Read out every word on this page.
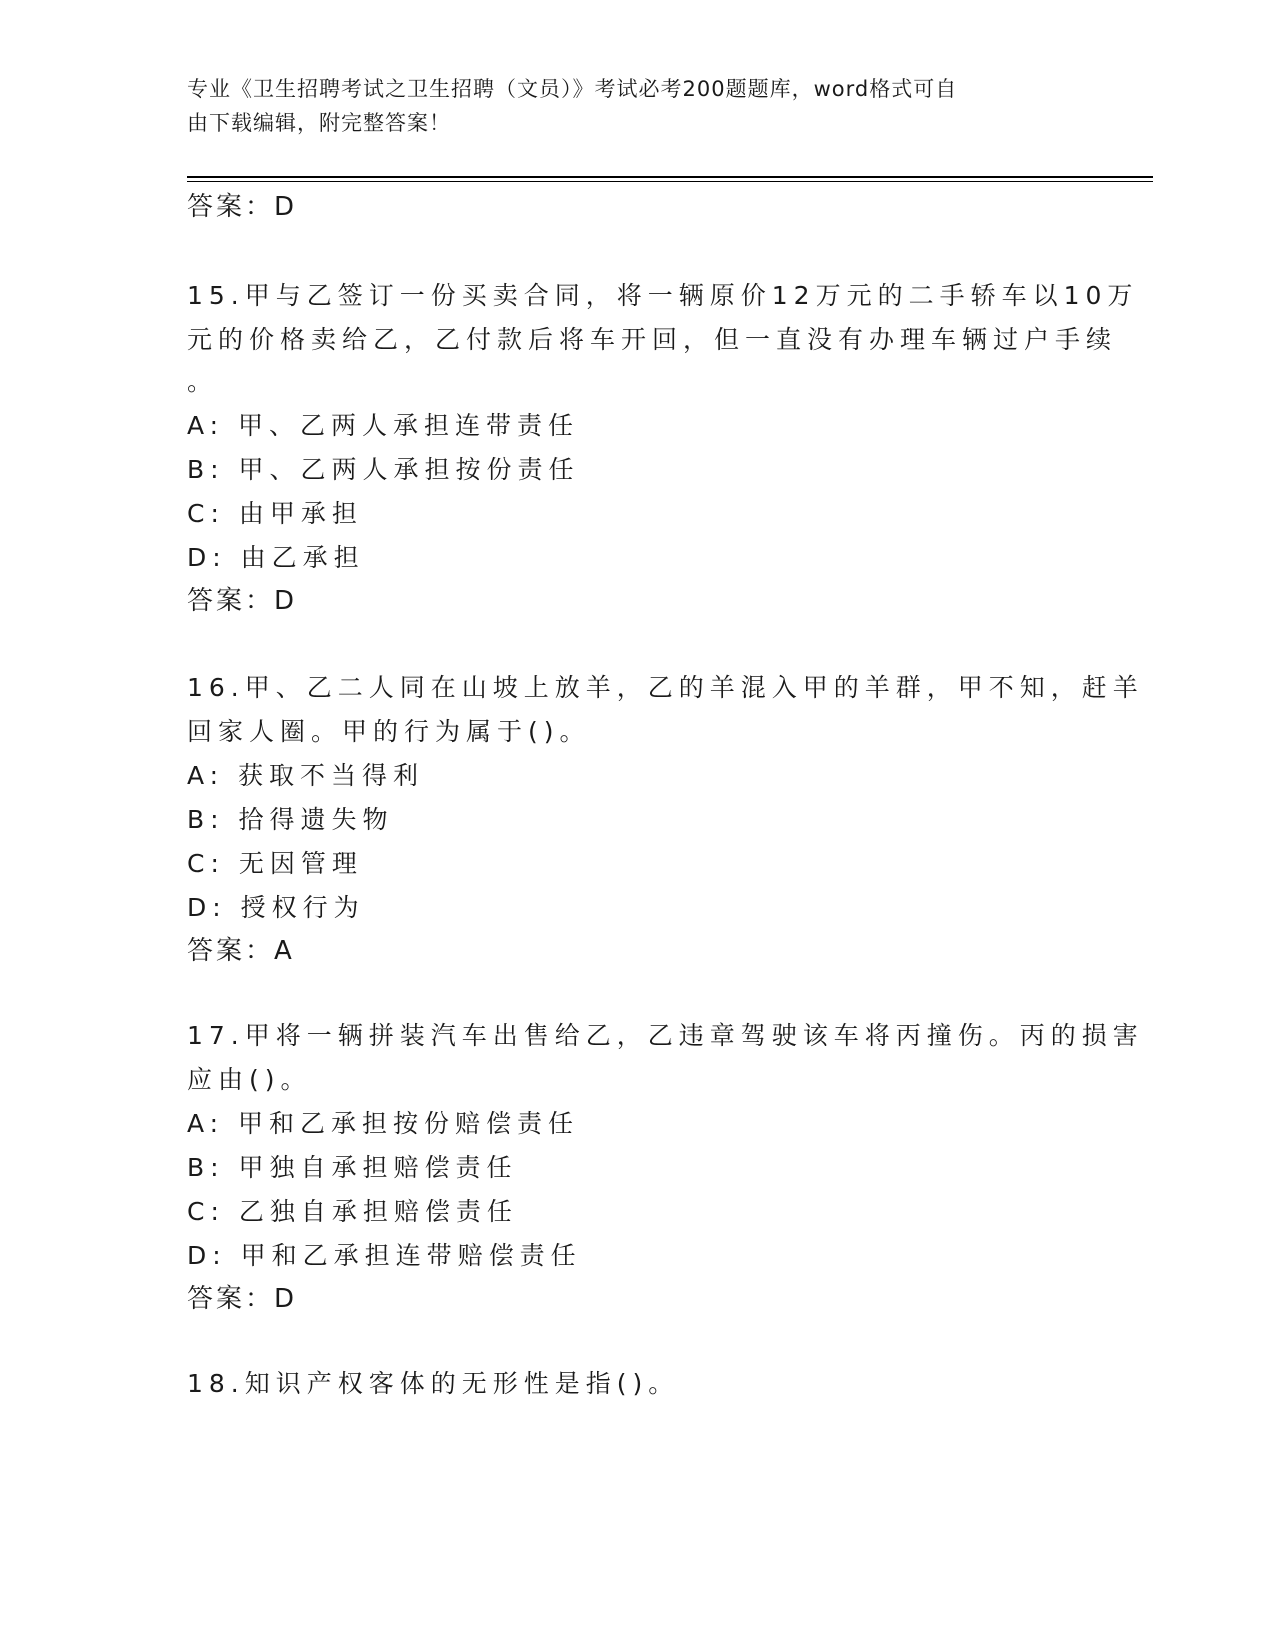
专业《卫生招聘考试之卫生招聘（文员）》考试必考200题题库，word格式可自
由下载编辑，附完整答案！
答案：D
15.甲与乙签订一份买卖合同，将一辆原价12万元的二手轿车以10万
元的价格卖给乙，乙付款后将车开回，但一直没有办理车辆过户手续
。
A: 甲、乙两人承担连带责任
B: 甲、乙两人承担按份责任
C: 由甲承担
D: 由乙承担
答案：D
16.甲、乙二人同在山坡上放羊，乙的羊混入甲的羊群，甲不知，赶羊
回家人圈。甲的行为属于()。
A: 获取不当得利
B: 拾得遗失物
C: 无因管理
D: 授权行为
答案：A
17.甲将一辆拼装汽车出售给乙，乙违章驾驶该车将丙撞伤。丙的损害
应由()。
A: 甲和乙承担按份赔偿责任
B: 甲独自承担赔偿责任
C: 乙独自承担赔偿责任
D: 甲和乙承担连带赔偿责任
答案：D
18.知识产权客体的无形性是指()。
